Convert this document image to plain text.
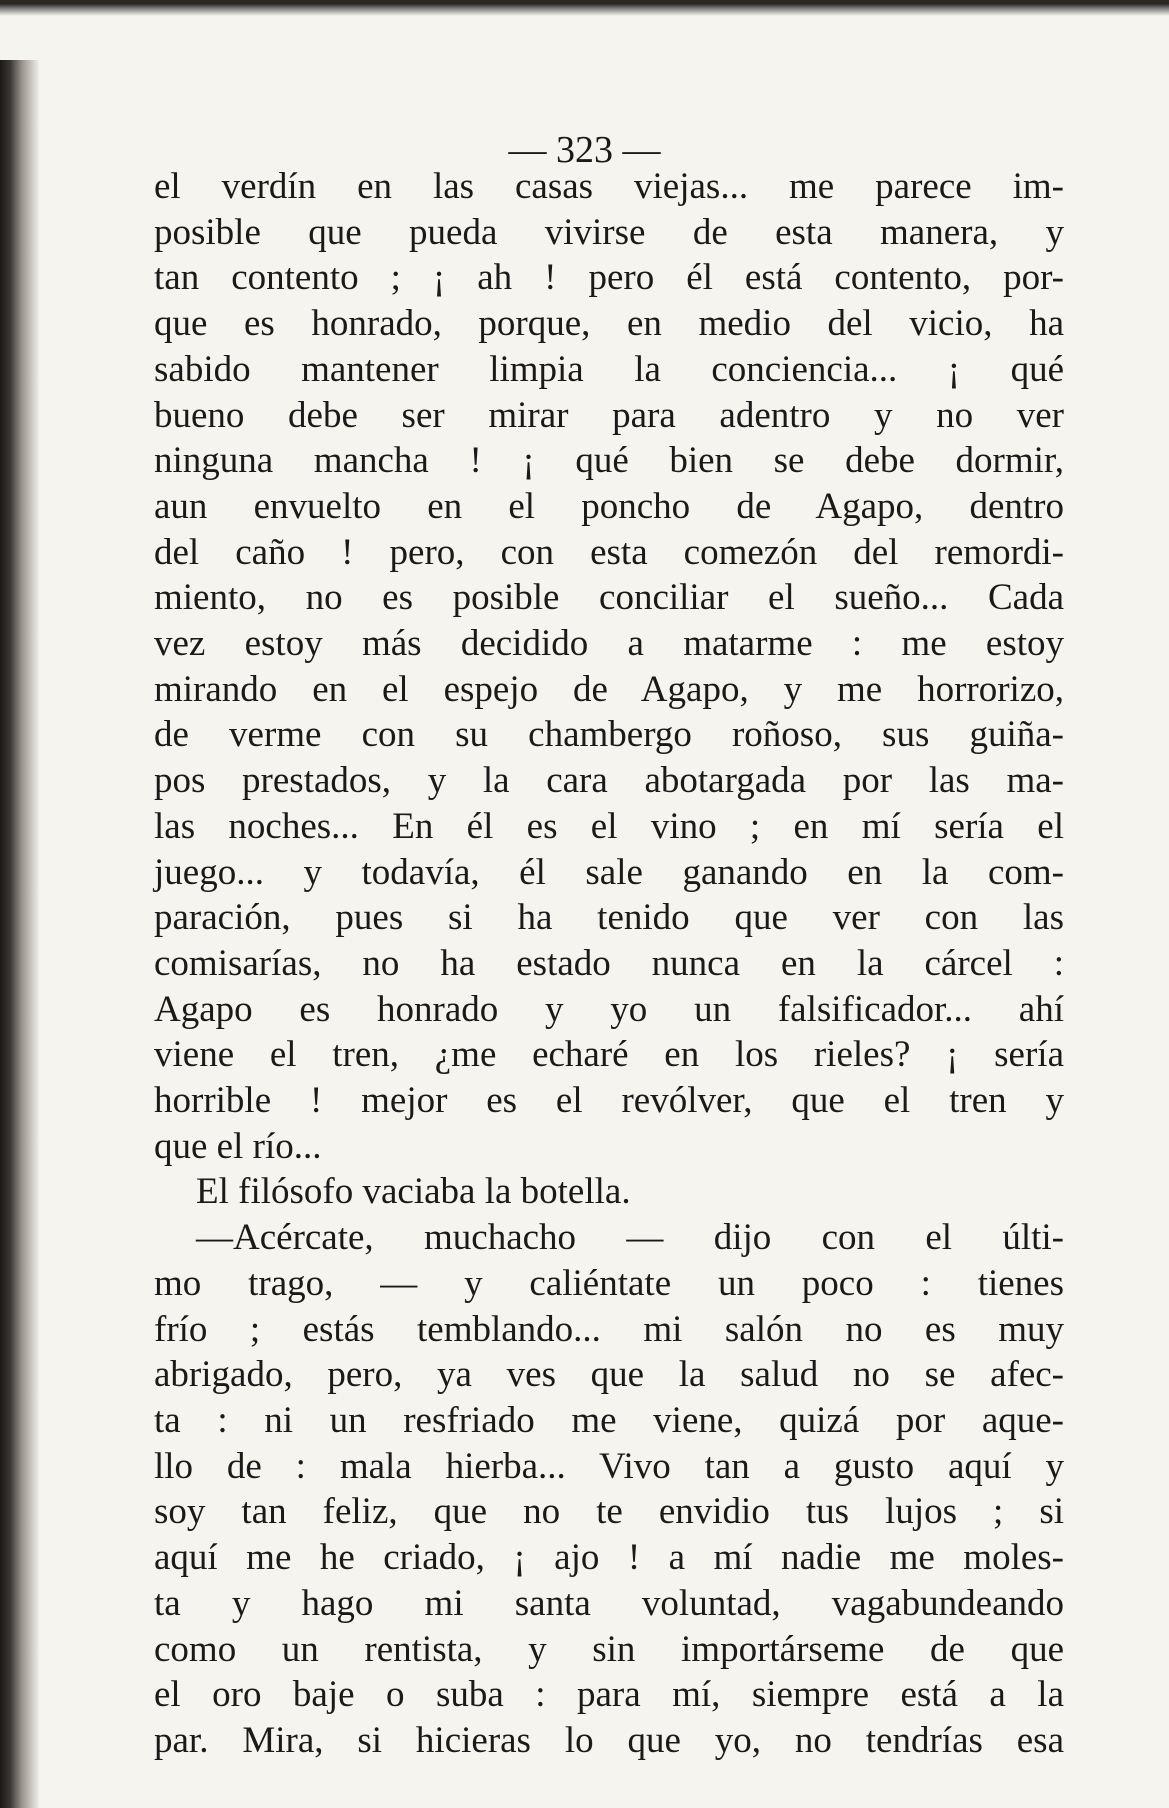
— 323 —
el verdín en las casas viejas... me parece im-
posible que pueda vivirse de esta manera, y
tan contento ; ¡ ah ! pero él está contento, por-
que es honrado, porque, en medio del vicio, ha
sabido mantener limpia la conciencia... ¡ qué
bueno debe ser mirar para adentro y no ver
ninguna mancha ! ¡ qué bien se debe dormir,
aun envuelto en el poncho de Agapo, dentro
del caño ! pero, con esta comezón del remordi-
miento, no es posible conciliar el sueño... Cada
vez estoy más decidido a matarme : me estoy
mirando en el espejo de Agapo, y me horrorizo,
de verme con su chambergo roñoso, sus guiña-
pos prestados, y la cara abotargada por las ma-
las noches... En él es el vino ; en mí sería el
juego... y todavía, él sale ganando en la com-
paración, pues si ha tenido que ver con las
comisarías, no ha estado nunca en la cárcel :
Agapo es honrado y yo un falsificador... ahí
viene el tren, ¿me echaré en los rieles? ¡ sería
horrible ! mejor es el revólver, que el tren y
que el río...
El filósofo vaciaba la botella.
—Acércate, muchacho — dijo con el últi-
mo trago, — y caliéntate un poco : tienes
frío ; estás temblando... mi salón no es muy
abrigado, pero, ya ves que la salud no se afec-
ta : ni un resfriado me viene, quizá por aque-
llo de : mala hierba... Vivo tan a gusto aquí y
soy tan feliz, que no te envidio tus lujos ; si
aquí me he criado, ¡ ajo ! a mí nadie me moles-
ta y hago mi santa voluntad, vagabundeando
como un rentista, y sin importárseme de que
el oro baje o suba : para mí, siempre está a la
par. Mira, si hicieras lo que yo, no tendrías esa
